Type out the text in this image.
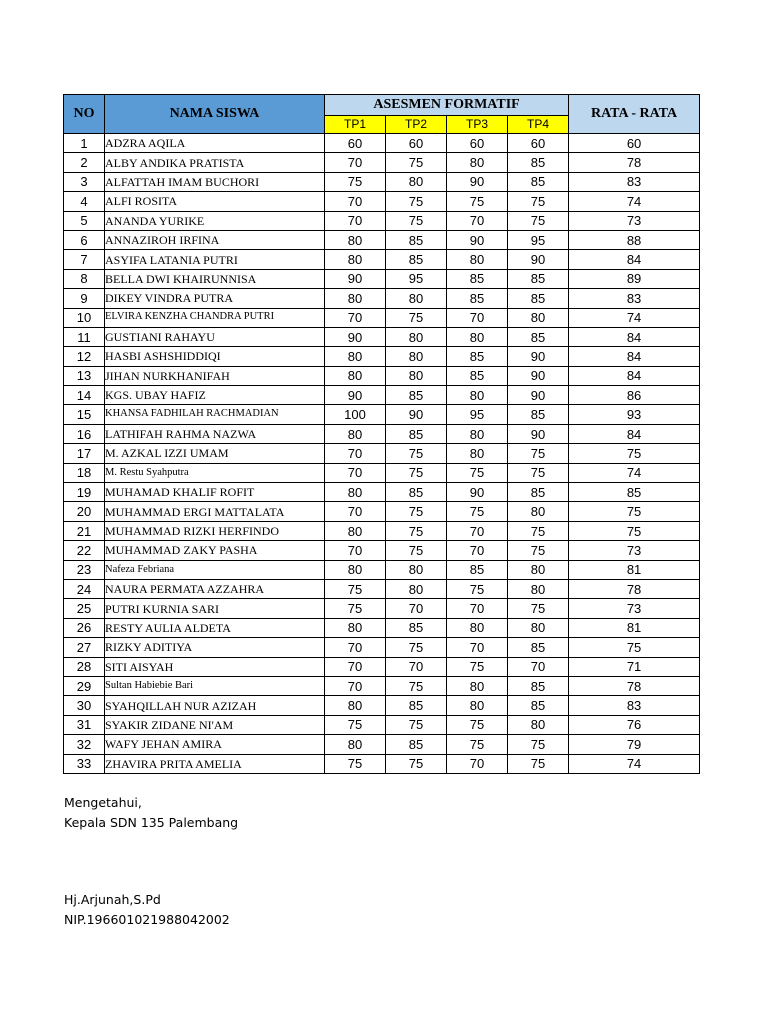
NO	NAMA SISWA	ASESMEN FORMATIF				RATA - RATA
		TP1	TP2	TP3	TP4	
1	ADZRA AQILA	60	60	60	60	60
2	ALBY ANDIKA PRATISTA	70	75	80	85	78
3	ALFATTAH IMAM BUCHORI	75	80	90	85	83
4	ALFI ROSITA	70	75	75	75	74
5	ANANDA YURIKE	70	75	70	75	73
6	ANNAZIROH IRFINA	80	85	90	95	88
7	ASYIFA LATANIA PUTRI	80	85	80	90	84
8	BELLA DWI KHAIRUNNISA	90	95	85	85	89
9	DIKEY VINDRA PUTRA	80	80	85	85	83
10	ELVIRA KENZHA CHANDRA PUTRI	70	75	70	80	74
11	GUSTIANI RAHAYU	90	80	80	85	84
12	HASBI ASHSHIDDIQI	80	80	85	90	84
13	JIHAN NURKHANIFAH	80	80	85	90	84
14	KGS. UBAY HAFIZ	90	85	80	90	86
15	KHANSA FADHILAH RACHMADIAN	100	90	95	85	93
16	LATHIFAH RAHMA NAZWA	80	85	80	90	84
17	M. AZKAL IZZI UMAM	70	75	80	75	75
18	M. Restu Syahputra	70	75	75	75	74
19	MUHAMAD KHALIF ROFIT	80	85	90	85	85
20	MUHAMMAD ERGI MATTALATA	70	75	75	80	75
21	MUHAMMAD RIZKI HERFINDO	80	75	70	75	75
22	MUHAMMAD ZAKY PASHA	70	75	70	75	73
23	Nafeza Febriana	80	80	85	80	81
24	NAURA PERMATA AZZAHRA	75	80	75	80	78
25	PUTRI KURNIA SARI	75	70	70	75	73
26	RESTY AULIA ALDETA	80	85	80	80	81
27	RIZKY ADITIYA	70	75	70	85	75
28	SITI AISYAH	70	70	75	70	71
29	Sultan Habiebie Bari	70	75	80	85	78
30	SYAHQILLAH NUR AZIZAH	80	85	80	85	83
31	SYAKIR ZIDANE NI'AM	75	75	75	80	76
32	WAFY JEHAN AMIRA	80	85	75	75	79
33	ZHAVIRA PRITA AMELIA	75	75	70	75	74
Mengetahui,
Kepala SDN 135 Palembang
Hj.Arjunah,S.Pd
NIP.196601021988042002
